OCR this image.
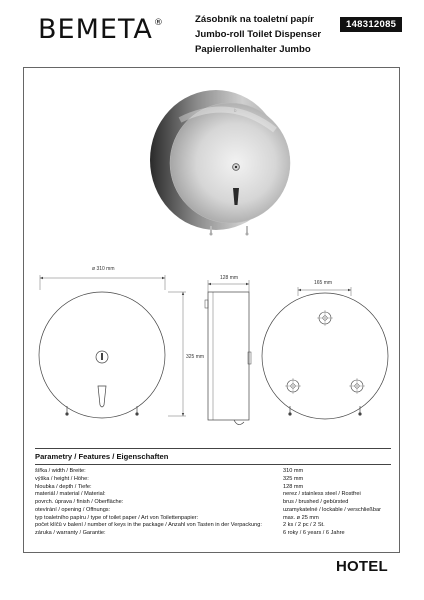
BEMETA®	Zásobník na toaletní papír
Jumbo-roll Toilet Dispenser
Papierrollenhalter Jumbo
148312085
b
ø 310 mm
325 mm
128 mm
165 mm
Parametry / Features / Eigenschaften
šířka / width / Breite:	310 mm
výška / height / Höhe:	325 mm
hloubka / depth / Tiefe:	128 mm
materiál / material / Material:	nerez / stainless steel / Rostfrei
povrch. úprava / finish / Oberfläche:	brus / brushed / gebürsted
otevírání / opening / Öffnungs:	uzamykatelné / lockable / verschließbar
typ toaletního papíru / type of toilet paper / Art von Toilettenpapier:	max. ø 25 mm
počet klíčů v balení / number of keys in the package / Anzahl von Tasten in der Verpackung:	2 ks / 2 pc / 2 St.
záruka / warranty / Garantie:	6 roky / 6 years / 6 Jahre
HOTEL
